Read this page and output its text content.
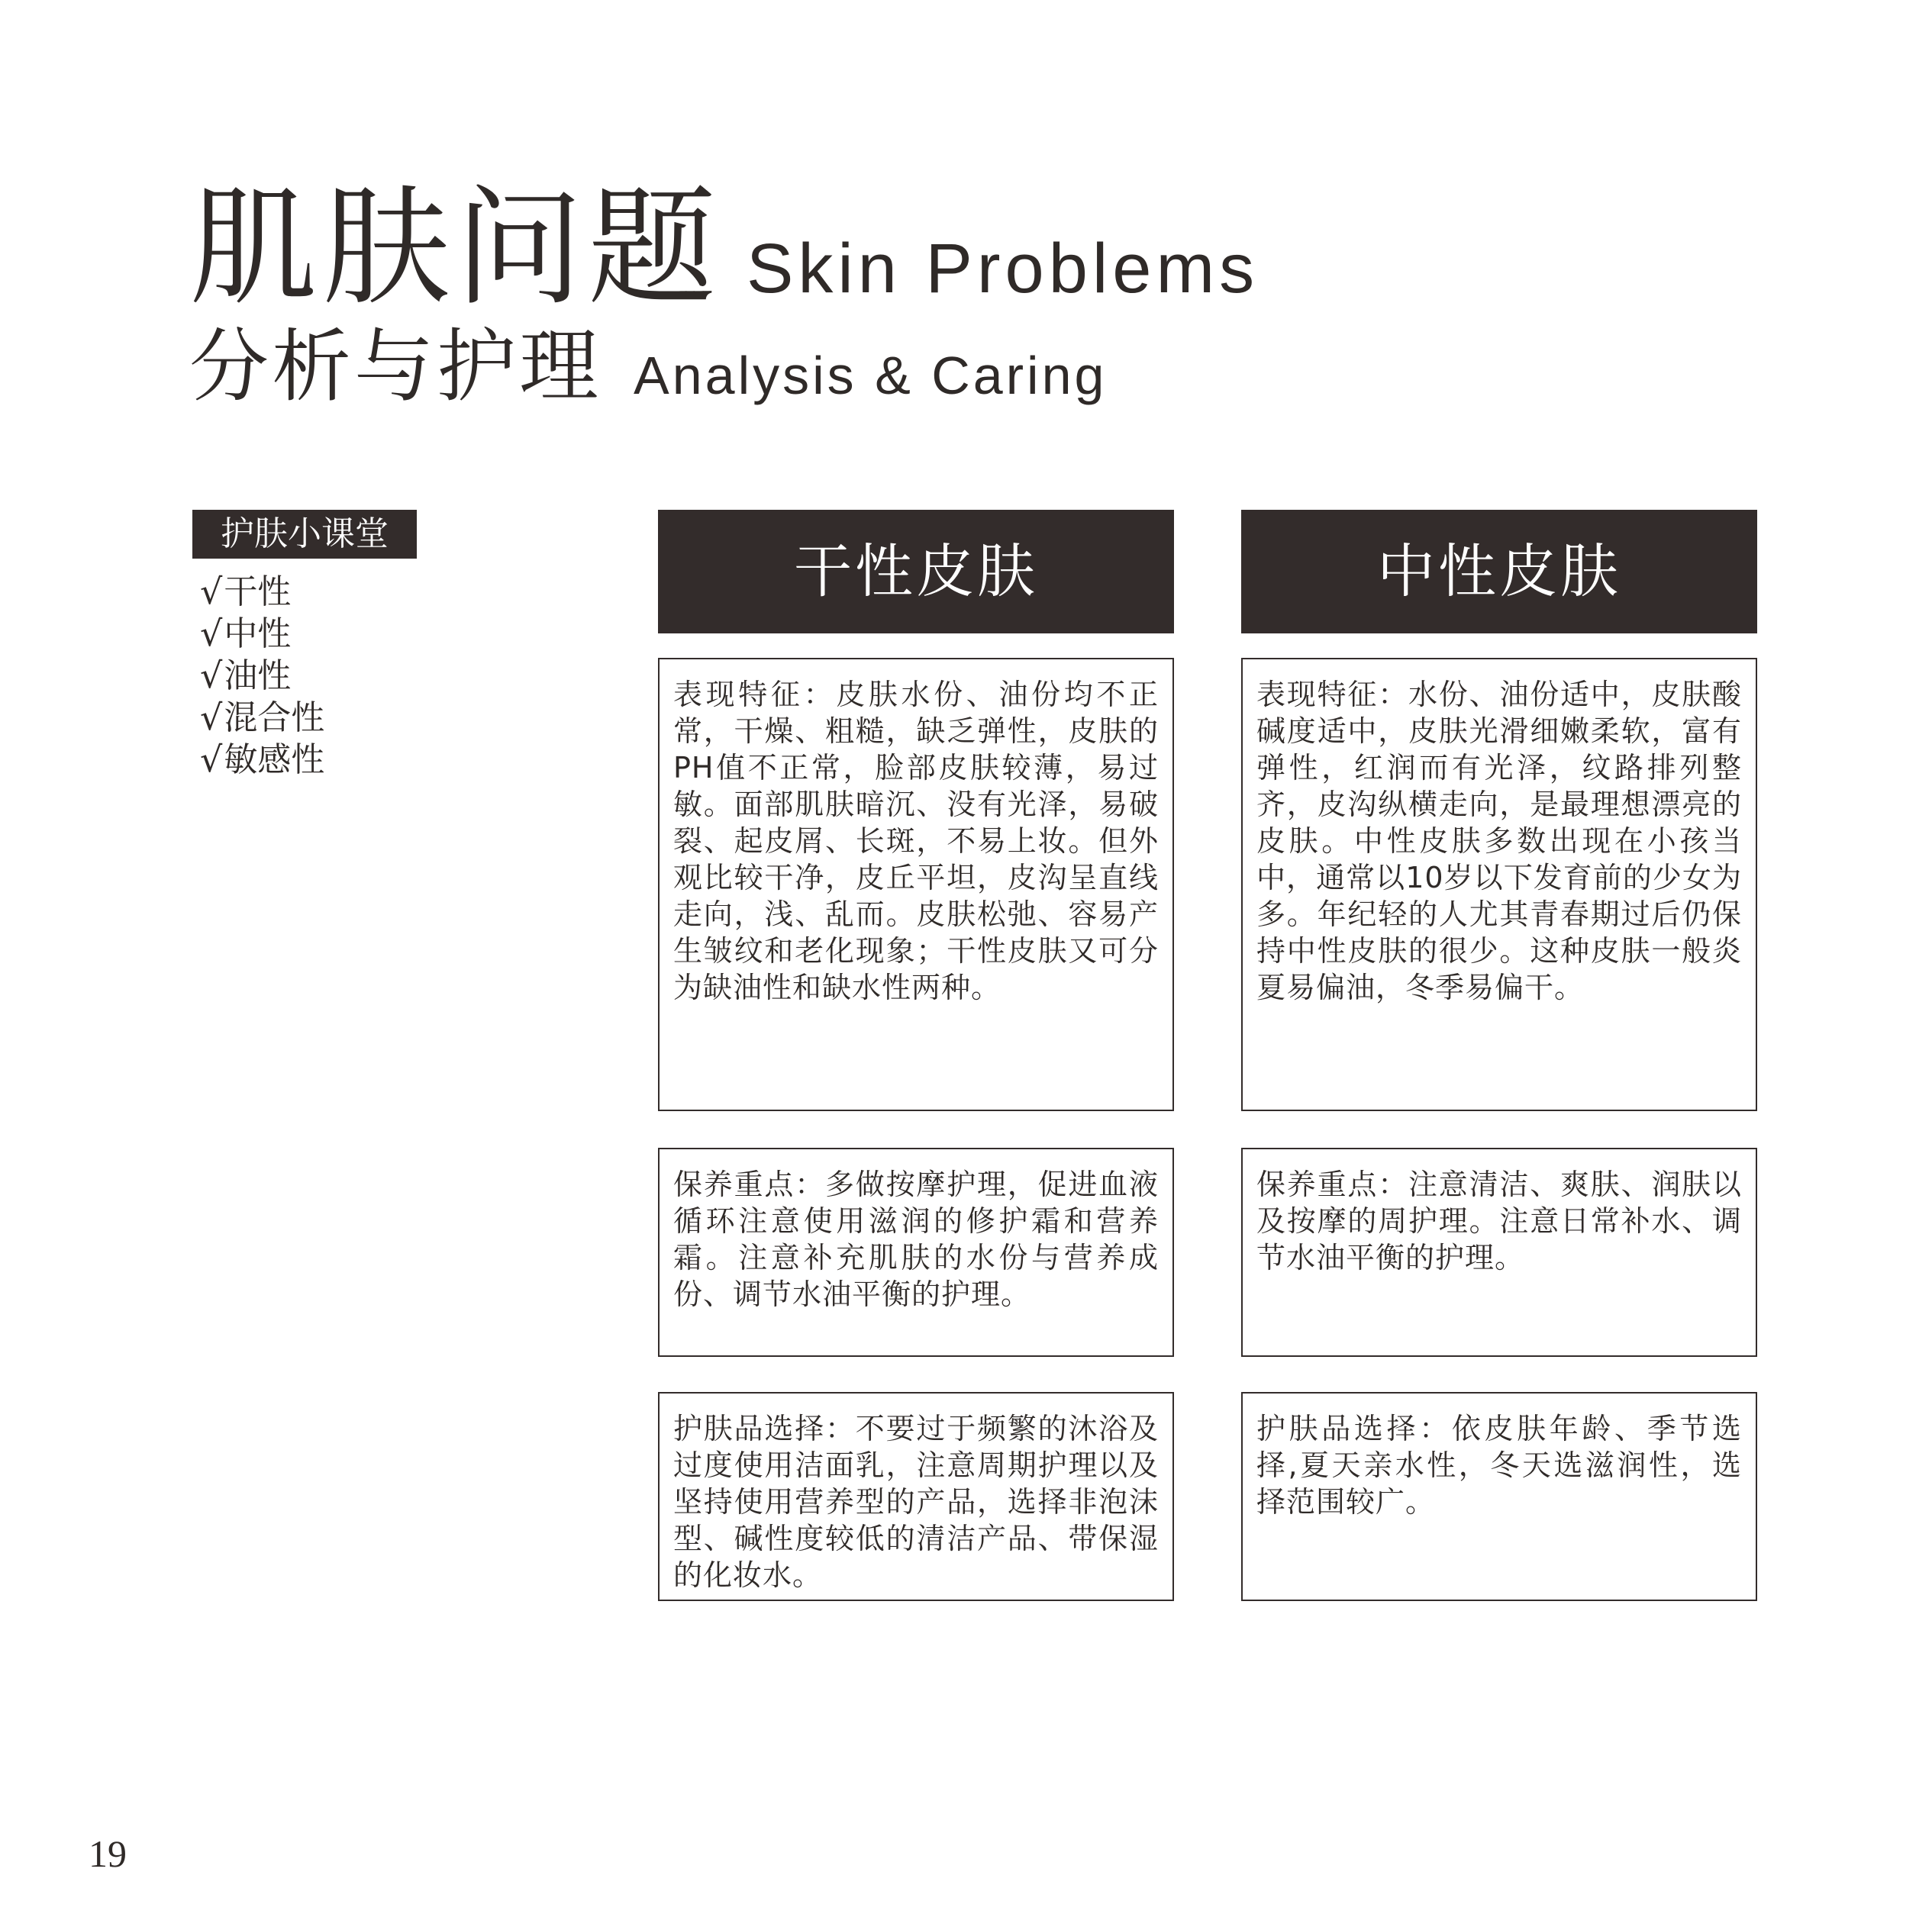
肌肤问题 Skin Problems
分析与护理 Analysis & Caring
护肤小课堂
√ 干性
√ 中性
√ 油性
√ 混合性
√ 敏感性
干性皮肤
表现特征：皮肤水份、油份均不正常，干燥、粗糙，缺乏弹性，皮肤的PH值不正常，脸部皮肤较薄，易过敏。面部肌肤暗沉、没有光泽，易破裂、起皮屑、长斑，不易上妆。但外观比较干净，皮丘平坦，皮沟呈直线走向，浅、乱而。皮肤松弛、容易产生皱纹和老化现象；干性皮肤又可分为缺油性和缺水性两种。
保养重点：多做按摩护理，促进血液循环注意使用滋润的修护霜和营养霜。注意补充肌肤的水份与营养成份、调节水油平衡的护理。
护肤品选择：不要过于频繁的沐浴及过度使用洁面乳，注意周期护理以及坚持使用营养型的产品，选择非泡沫型、碱性度较低的清洁产品、带保湿的化妆水。
中性皮肤
表现特征：水份、油份适中，皮肤酸碱度适中，皮肤光滑细嫩柔软，富有弹性，红润而有光泽，纹路排列整齐，皮沟纵横走向，是最理想漂亮的皮肤。中性皮肤多数出现在小孩当中，通常以10岁以下发育前的少女为多。年纪轻的人尤其青春期过后仍保持中性皮肤的很少。这种皮肤一般炎夏易偏油，冬季易偏干。
保养重点：注意清洁、爽肤、润肤以及按摩的周护理。注意日常补水、调节水油平衡的护理。
护肤品选择：依皮肤年龄、季节选择,夏天亲水性，冬天选滋润性，选择范围较广。
19
